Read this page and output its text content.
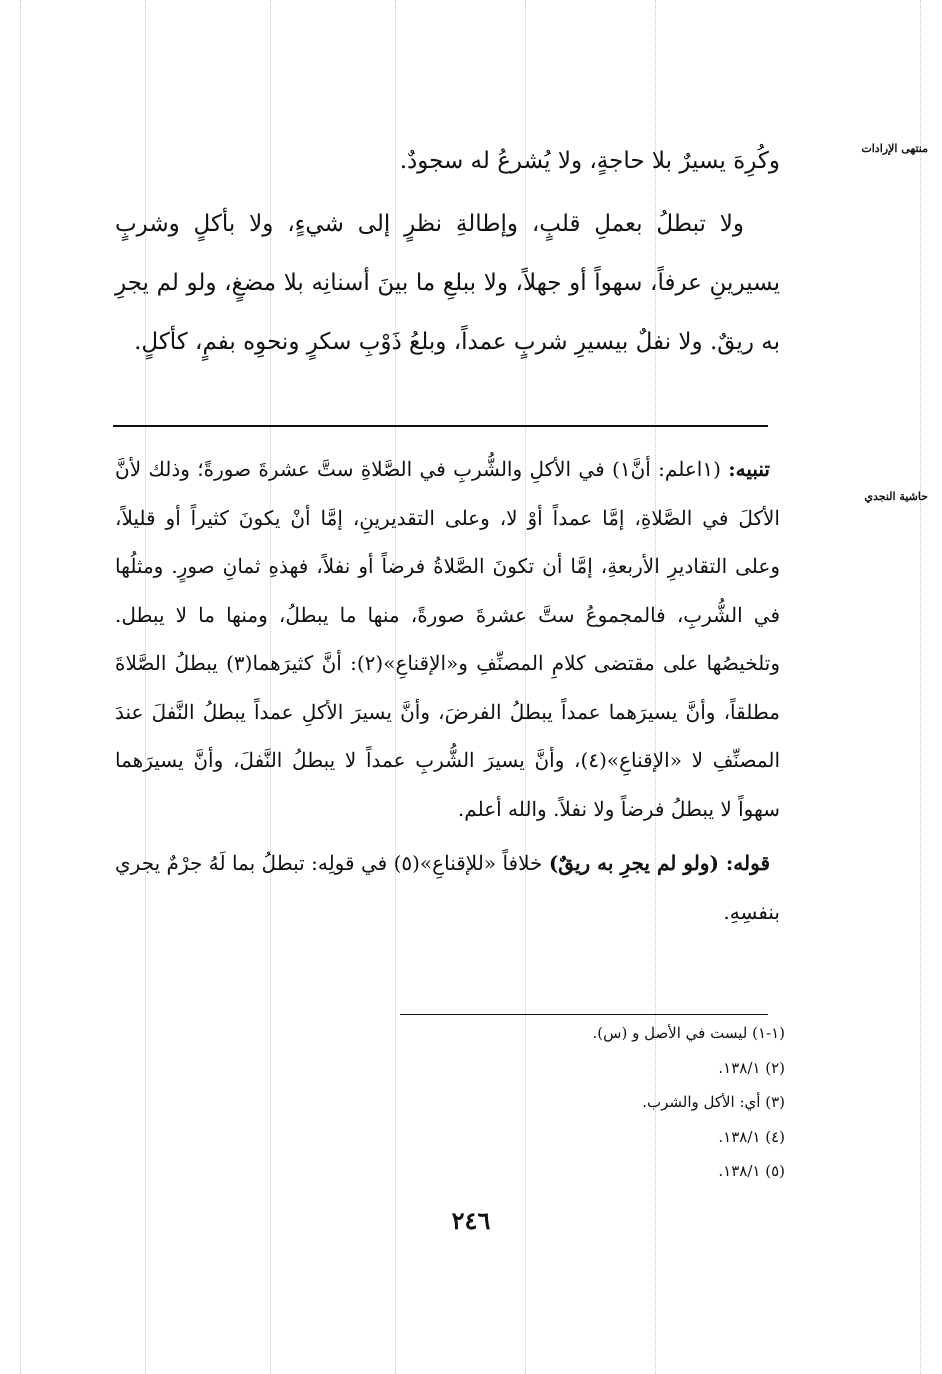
منتهى الإرادات
حاشية النجدي

وكُرِهَ يسيرٌ بلا حاجةٍ، ولا يُشرعُ له سجودٌ.

ولا تبطلُ بعملِ قلبٍ، وإطالةِ نظرٍ إلى شيءٍ، ولا بأكلٍ وشربٍ يسيرينِ عرفاً، سهواً أو جهلاً، ولا ببلعِ ما بينَ أسنانِه بلا مضغٍ، ولو لم يجرِ به ريقٌ. ولا نفلٌ بيسيرِ شربٍ عمداً، وبلعُ ذَوْبِ سكرٍ ونحوِه بفمٍ، كأكلٍ.

تنبيه: (١اعلم: أنَّ١) في الأكلِ والشُّربِ في الصَّلاةِ ستَّ عشرةَ صورةً؛ وذلك لأنَّ الأكلَ في الصَّلاةِ، إمَّا عمداً أوْ لا، وعلى التقديرينِ، إمَّا أنْ يكونَ كثيراً أو قليلاً، وعلى التقاديرِ الأربعةِ، إمَّا أن تكونَ الصَّلاةُ فرضاً أو نفلاً، فهذهِ ثمانِ صورٍ. ومثلُها في الشُّربِ، فالمجموعُ ستَّ عشرةَ صورةً، منها ما يبطلُ، ومنها ما لا يبطل. وتلخيصُها على مقتضى كلامِ المصنِّفِ و«الإقناعِ»(٢): أنَّ كثيرَهما(٣) يبطلُ الصَّلاةَ مطلقاً، وأنَّ يسيرَهما عمداً يبطلُ الفرضَ، وأنَّ يسيرَ الأكلِ عمداً يبطلُ النَّفلَ عندَ المصنِّفِ لا «الإقناعِ»(٤)، وأنَّ يسيرَ الشُّربِ عمداً لا يبطلُ النَّفلَ، وأنَّ يسيرَهما سهواً لا يبطلُ فرضاً ولا نفلاً. والله أعلم.

قوله: (ولو لم يجرِ به ريقٌ) خلافاً «للإقناعِ»(٥) في قولِه: تبطلُ بما لَهُ جرْمٌ يجري بنفسِهِ.

(١-١) ليست في الأصل و (س).
(٢) ١٣٨/١.
(٣) أي: الأكل والشرب.
(٤) ١٣٨/١.
(٥) ١٣٨/١.
٢٤٦
